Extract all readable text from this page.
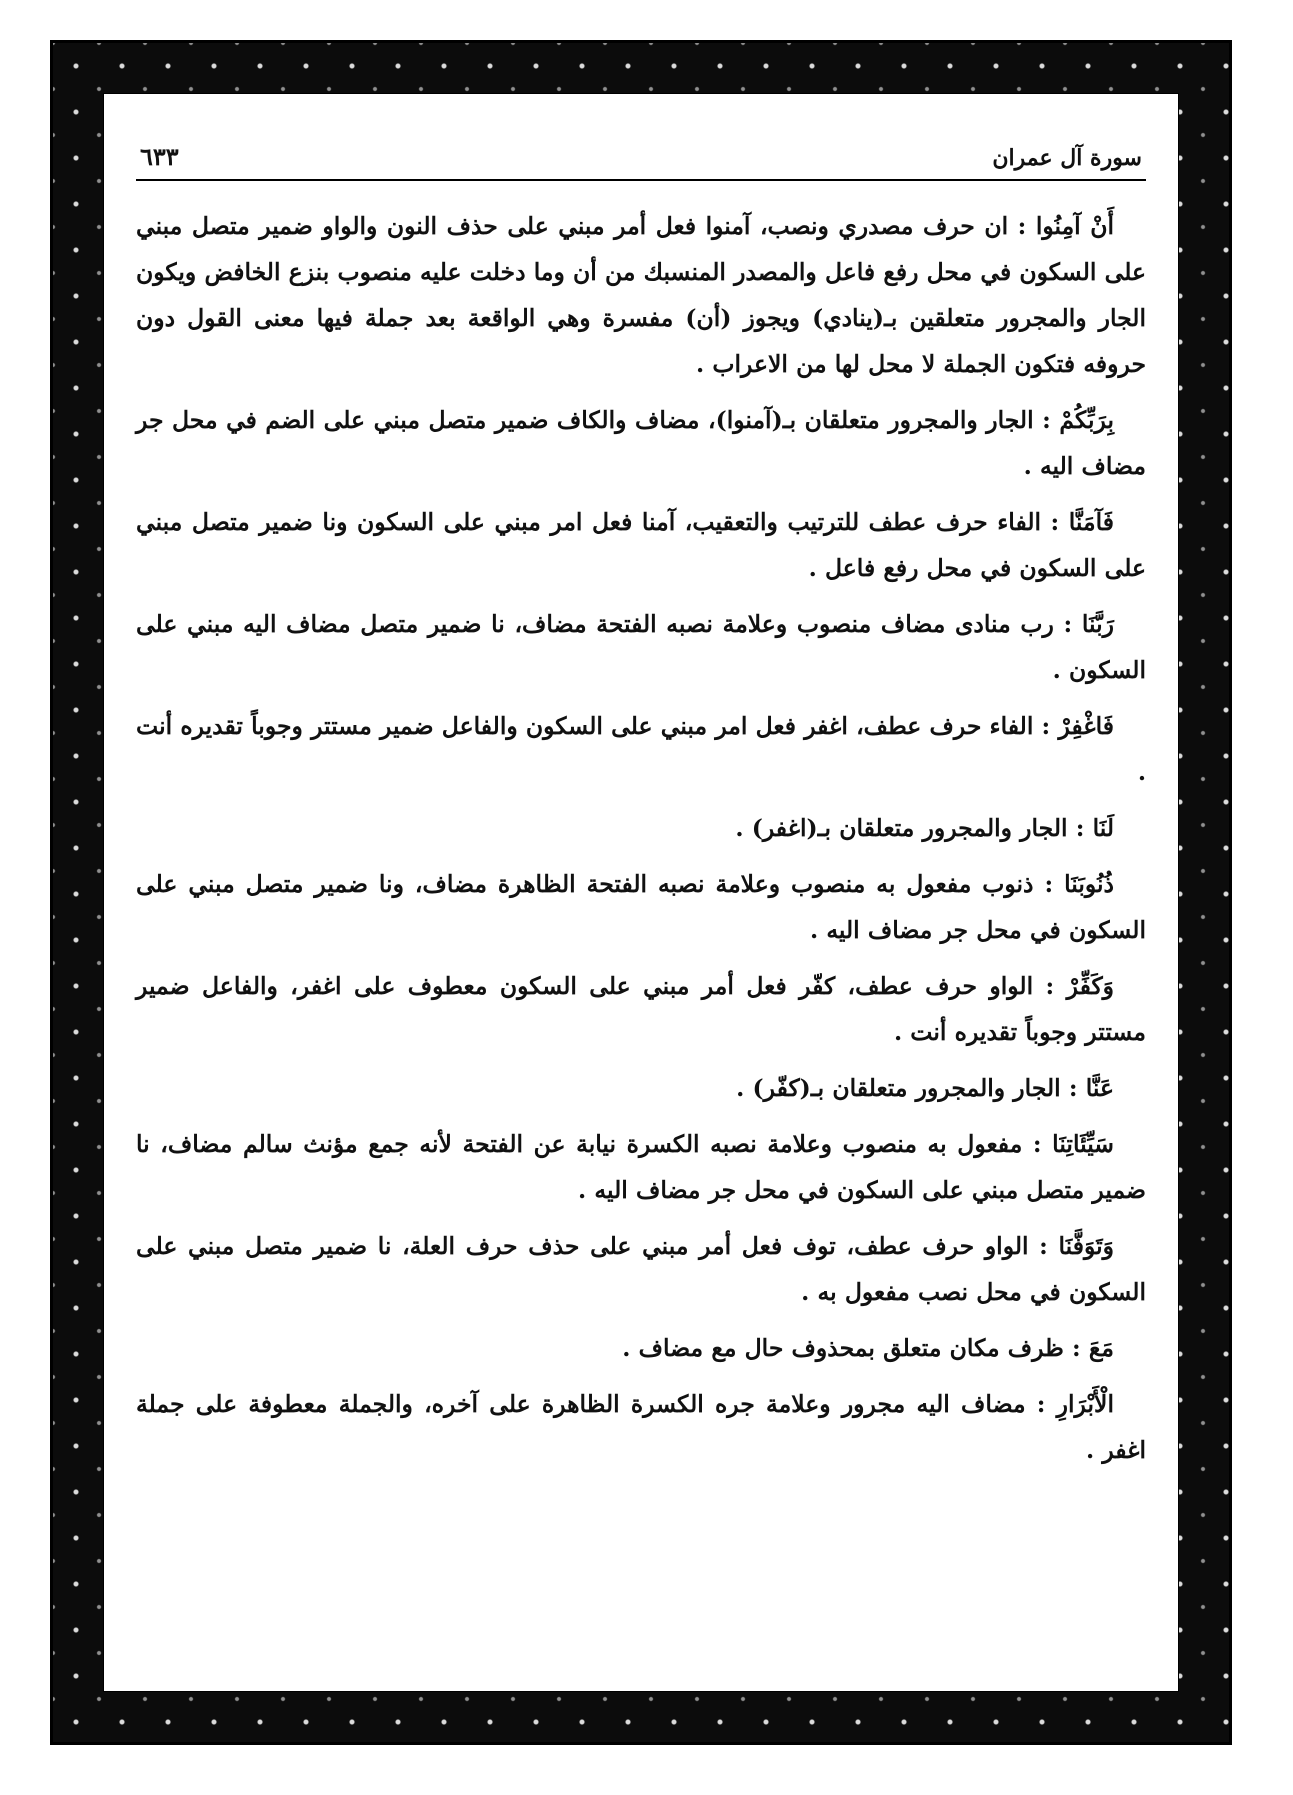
سورة آل عمران
٦٣٣

أَنْ آمِنُوا : ان حرف مصدري ونصب، آمنوا فعل أمر مبني على حذف النون والواو ضمير متصل مبني على السكون في محل رفع فاعل والمصدر المنسبك من أن وما دخلت عليه منصوب بنزع الخافض ويكون الجار والمجرور متعلقين بـ(ينادي) ويجوز (أن) مفسرة وهي الواقعة بعد جملة فيها معنى القول دون حروفه فتكون الجملة لا محل لها من الاعراب .

بِرَبِّكُمْ : الجار والمجرور متعلقان بـ(آمنوا)، مضاف والكاف ضمير متصل مبني على الضم في محل جر مضاف اليه .

فَآمَنَّا : الفاء حرف عطف للترتيب والتعقيب، آمنا فعل امر مبني على السكون ونا ضمير متصل مبني على السكون في محل رفع فاعل .

رَبَّنَا : رب منادى مضاف منصوب وعلامة نصبه الفتحة مضاف، نا ضمير متصل مضاف اليه مبني على السكون .

فَاغْفِرْ : الفاء حرف عطف، اغفر فعل امر مبني على السكون والفاعل ضمير مستتر وجوباً تقديره أنت .

لَنَا : الجار والمجرور متعلقان بـ(اغفر) .

ذُنُوبَنَا : ذنوب مفعول به منصوب وعلامة نصبه الفتحة الظاهرة مضاف، ونا ضمير متصل مبني على السكون في محل جر مضاف اليه .

وَكَفِّرْ : الواو حرف عطف، كفّر فعل أمر مبني على السكون معطوف على اغفر، والفاعل ضمير مستتر وجوباً تقديره أنت .

عَنَّا : الجار والمجرور متعلقان بـ(كفّر) .

سَيِّئَاتِنَا : مفعول به منصوب وعلامة نصبه الكسرة نيابة عن الفتحة لأنه جمع مؤنث سالم مضاف، نا ضمير متصل مبني على السكون في محل جر مضاف اليه .

وَتَوَفَّنَا : الواو حرف عطف، توف فعل أمر مبني على حذف حرف العلة، نا ضمير متصل مبني على السكون في محل نصب مفعول به .

مَعَ : ظرف مكان متعلق بمحذوف حال مع مضاف .

الْأَبْرَارِ : مضاف اليه مجرور وعلامة جره الكسرة الظاهرة على آخره، والجملة معطوفة على جملة اغفر .
